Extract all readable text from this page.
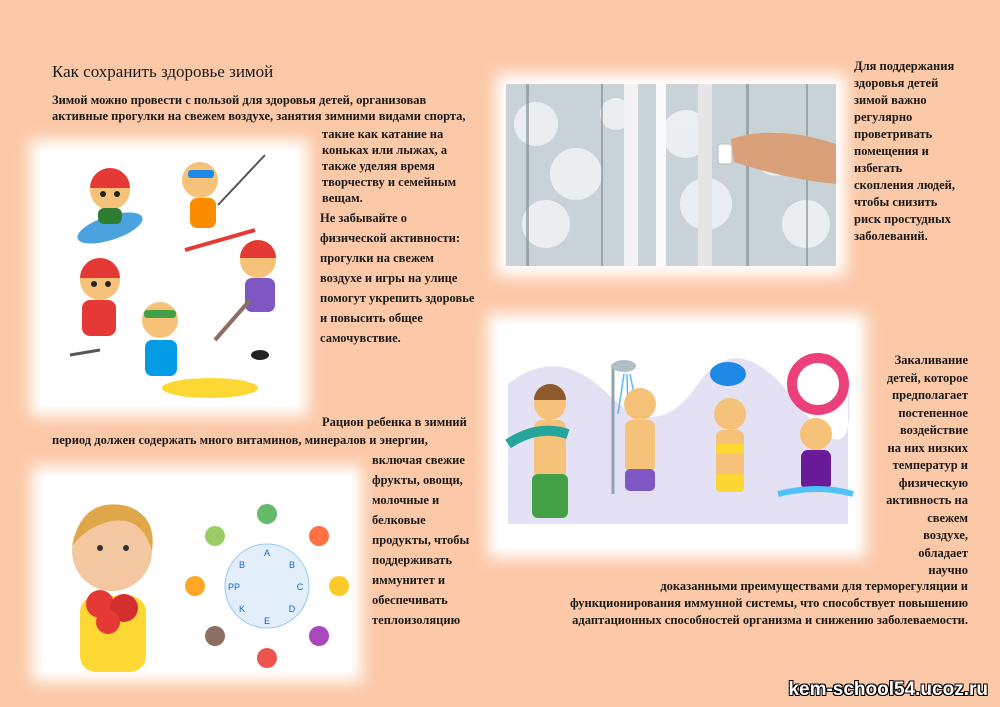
Как сохранить здоровье зимой

Зимой можно провести с пользой для здоровья детей, организовав

активные прогулки на свежем воздухе, занятия зимними видами спорта,

такие как катание на

коньках или лыжах, а

также уделяя время

творчеству и семейным

вещам.

Не забывайте о

физической активности:

прогулки на свежем

воздухе и игры на улице

помогут укрепить здоровье

и повысить общее

самочувствие.

Для поддержания

здоровья детей

зимой важно

регулярно

проветривать

помещения и

избегать

скопления людей,

чтобы снизить

риск простудных

заболеваний.

Закаливание

детей, которое

предполагает

постепенное

воздействие

на них низких

температур и

физическую

активность на

свежем

воздухе,

обладает

научно

доказанными преимуществами для терморегуляции и

функционирования иммунной системы, что способствует повышению

адаптационных способностей организма и снижению заболеваемости.

Рацион ребенка в зимний

период должен содержать много витаминов, минералов и энергии,

включая свежие

фрукты, овощи,

молочные и

белковые

продукты, чтобы

поддерживать

иммунитет и

обеспечивать

теплоизоляцию

A
B
C
D
E
K
PP
B
kem-school54.ucoz.ru
